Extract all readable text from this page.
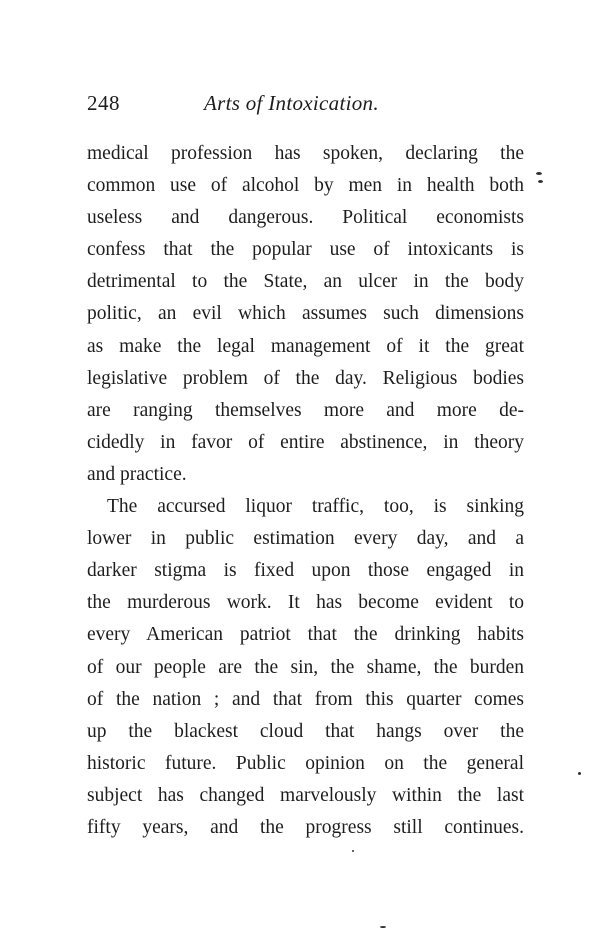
248	Arts of Intoxication.
medical profession has spoken, declaring the
common use of alcohol by men in health both
useless and dangerous. Political economists
confess that the popular use of intoxicants is
detrimental to the State, an ulcer in the body
politic, an evil which assumes such dimensions
as make the legal management of it the great
legislative problem of the day. Religious bodies
are ranging themselves more and more de-
cidedly in favor of entire abstinence, in theory
and practice.
The accursed liquor traffic, too, is sinking
lower in public estimation every day, and a
darker stigma is fixed upon those engaged in
the murderous work. It has become evident to
every American patriot that the drinking habits
of our people are the sin, the shame, the burden
of the nation ; and that from this quarter comes
up the blackest cloud that hangs over the
historic future. Public opinion on the general
subject has changed marvelously within the last
fifty years, and the progress still continues.
